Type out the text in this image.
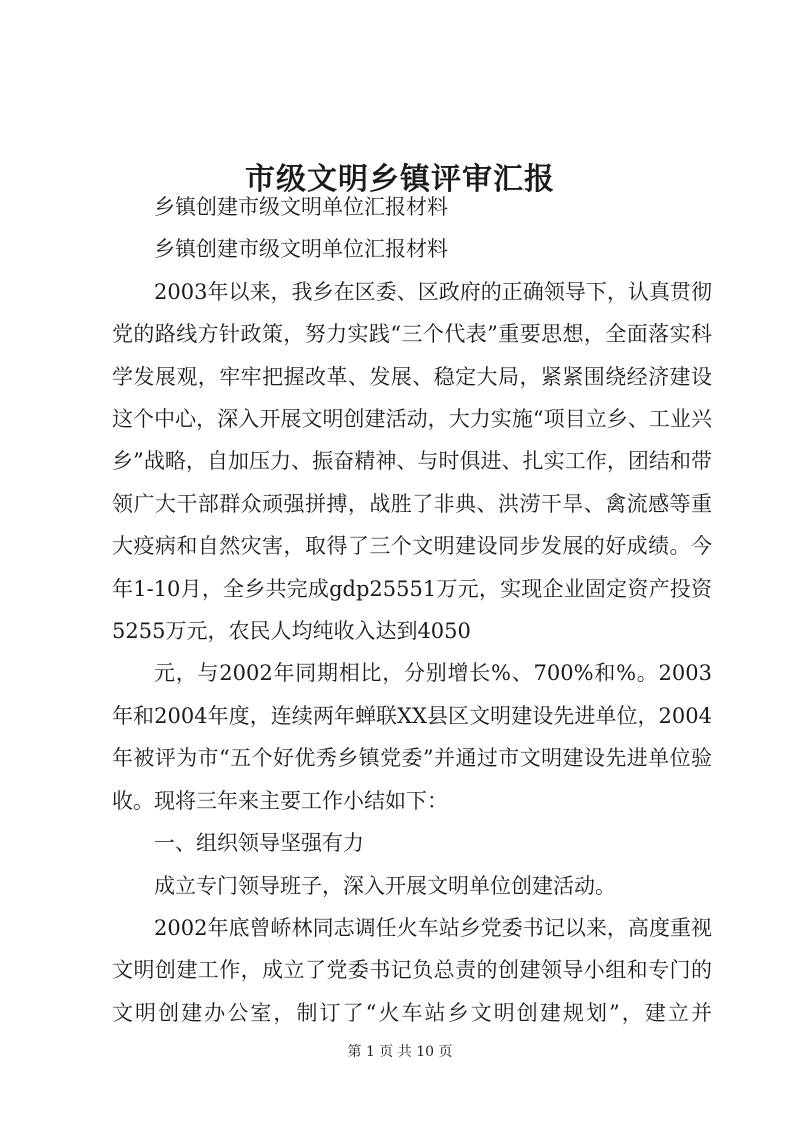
市级文明乡镇评审汇报

乡镇创建市级文明单位汇报材料

乡镇创建市级文明单位汇报材料

2003年以来，我乡在区委、区政府的正确领导下，认真贯彻党的路线方针政策，努力实践“三个代表”重要思想，全面落实科学发展观，牢牢把握改革、发展、稳定大局，紧紧围绕经济建设这个中心，深入开展文明创建活动，大力实施“项目立乡、工业兴乡”战略，自加压力、振奋精神、与时俱进、扎实工作，团结和带领广大干部群众顽强拼搏，战胜了非典、洪涝干旱、禽流感等重大疫病和自然灾害，取得了三个文明建设同步发展的好成绩。今年1-10月，全乡共完成gdp25551万元，实现企业固定资产投资5255万元，农民人均纯收入达到4050

元，与2002年同期相比，分别增长%、700%和%。2003年和2004年度，连续两年蝉联XX县区文明建设先进单位，2004年被评为市“五个好优秀乡镇党委”并通过市文明建设先进单位验收。现将三年来主要工作小结如下：

一、组织领导坚强有力

成立专门领导班子，深入开展文明单位创建活动。

2002年底曾峤林同志调任火车站乡党委书记以来，高度重视文明创建工作，成立了党委书记负总责的创建领导小组和专门的文明创建办公室，制订了“火车站乡文明创建规划”，建立并

第 1 页 共 10 页
